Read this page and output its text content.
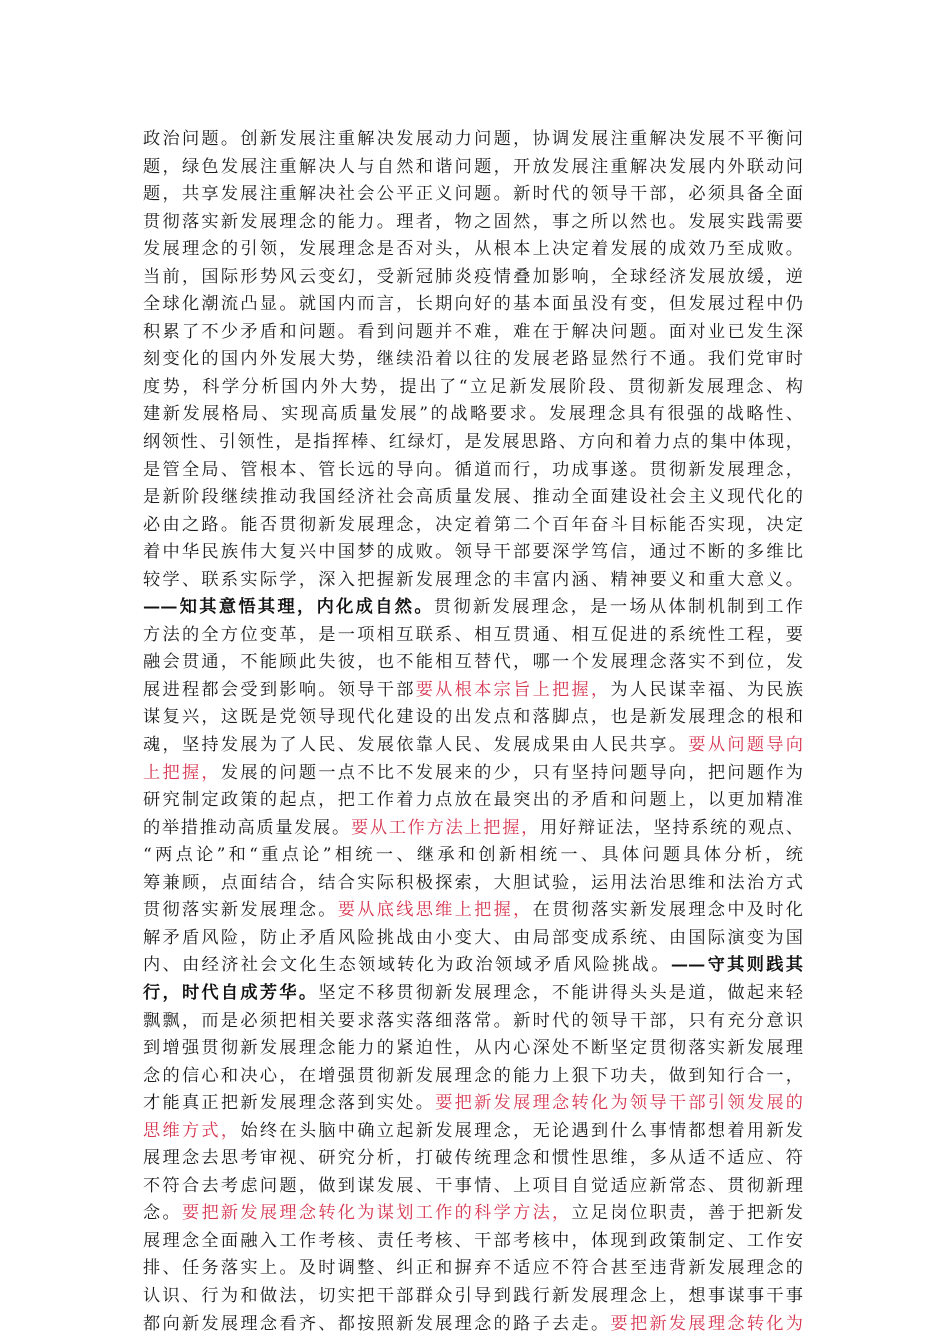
政治问题。创新发展注重解决发展动力问题，协调发展注重解决发展不平衡问
题，绿色发展注重解决人与自然和谐问题，开放发展注重解决发展内外联动问
题，共享发展注重解决社会公平正义问题。新时代的领导干部，必须具备全面
贯彻落实新发展理念的能力。理者，物之固然，事之所以然也。发展实践需要
发展理念的引领，发展理念是否对头，从根本上决定着发展的成效乃至成败。
当前，国际形势风云变幻，受新冠肺炎疫情叠加影响，全球经济发展放缓，逆
全球化潮流凸显。就国内而言，长期向好的基本面虽没有变，但发展过程中仍
积累了不少矛盾和问题。看到问题并不难，难在于解决问题。面对业已发生深
刻变化的国内外发展大势，继续沿着以往的发展老路显然行不通。我们党审时
度势，科学分析国内外大势，提出了“立足新发展阶段、贯彻新发展理念、构
建新发展格局、实现高质量发展”的战略要求。发展理念具有很强的战略性、
纲领性、引领性，是指挥棒、红绿灯，是发展思路、方向和着力点的集中体现，
是管全局、管根本、管长远的导向。循道而行，功成事遂。贯彻新发展理念，
是新阶段继续推动我国经济社会高质量发展、推动全面建设社会主义现代化的
必由之路。能否贯彻新发展理念，决定着第二个百年奋斗目标能否实现，决定
着中华民族伟大复兴中国梦的成败。领导干部要深学笃信，通过不断的多维比
较学、联系实际学，深入把握新发展理念的丰富内涵、精神要义和重大意义。
——知其意悟其理，内化成自然。贯彻新发展理念，是一场从体制机制到工作
方法的全方位变革，是一项相互联系、相互贯通、相互促进的系统性工程，要
融会贯通，不能顾此失彼，也不能相互替代，哪一个发展理念落实不到位，发
展进程都会受到影响。领导干部要从根本宗旨上把握，为人民谋幸福、为民族
谋复兴，这既是党领导现代化建设的出发点和落脚点，也是新发展理念的根和
魂，坚持发展为了人民、发展依靠人民、发展成果由人民共享。要从问题导向
上把握，发展的问题一点不比不发展来的少，只有坚持问题导向，把问题作为
研究制定政策的起点，把工作着力点放在最突出的矛盾和问题上，以更加精准
的举措推动高质量发展。要从工作方法上把握，用好辩证法，坚持系统的观点、
“两点论”和“重点论”相统一、继承和创新相统一、具体问题具体分析，统
筹兼顾，点面结合，结合实际积极探索，大胆试验，运用法治思维和法治方式
贯彻落实新发展理念。要从底线思维上把握，在贯彻落实新发展理念中及时化
解矛盾风险，防止矛盾风险挑战由小变大、由局部变成系统、由国际演变为国
内、由经济社会文化生态领域转化为政治领域矛盾风险挑战。——守其则践其
行，时代自成芳华。坚定不移贯彻新发展理念，不能讲得头头是道，做起来轻
飘飘，而是必须把相关要求落实落细落常。新时代的领导干部，只有充分意识
到增强贯彻新发展理念能力的紧迫性，从内心深处不断坚定贯彻落实新发展理
念的信心和决心，在增强贯彻新发展理念的能力上狠下功夫，做到知行合一，
才能真正把新发展理念落到实处。要把新发展理念转化为领导干部引领发展的
思维方式，始终在头脑中确立起新发展理念，无论遇到什么事情都想着用新发
展理念去思考审视、研究分析，打破传统理念和惯性思维，多从适不适应、符
不符合去考虑问题，做到谋发展、干事情、上项目自觉适应新常态、贯彻新理
念。要把新发展理念转化为谋划工作的科学方法，立足岗位职责，善于把新发
展理念全面融入工作考核、责任考核、干部考核中，体现到政策制定、工作安
排、任务落实上。及时调整、纠正和摒弃不适应不符合甚至违背新发展理念的
认识、行为和做法，切实把干部群众引导到践行新发展理念上，想事谋事干事
都向新发展理念看齐、都按照新发展理念的路子去走。要把新发展理念转化为
